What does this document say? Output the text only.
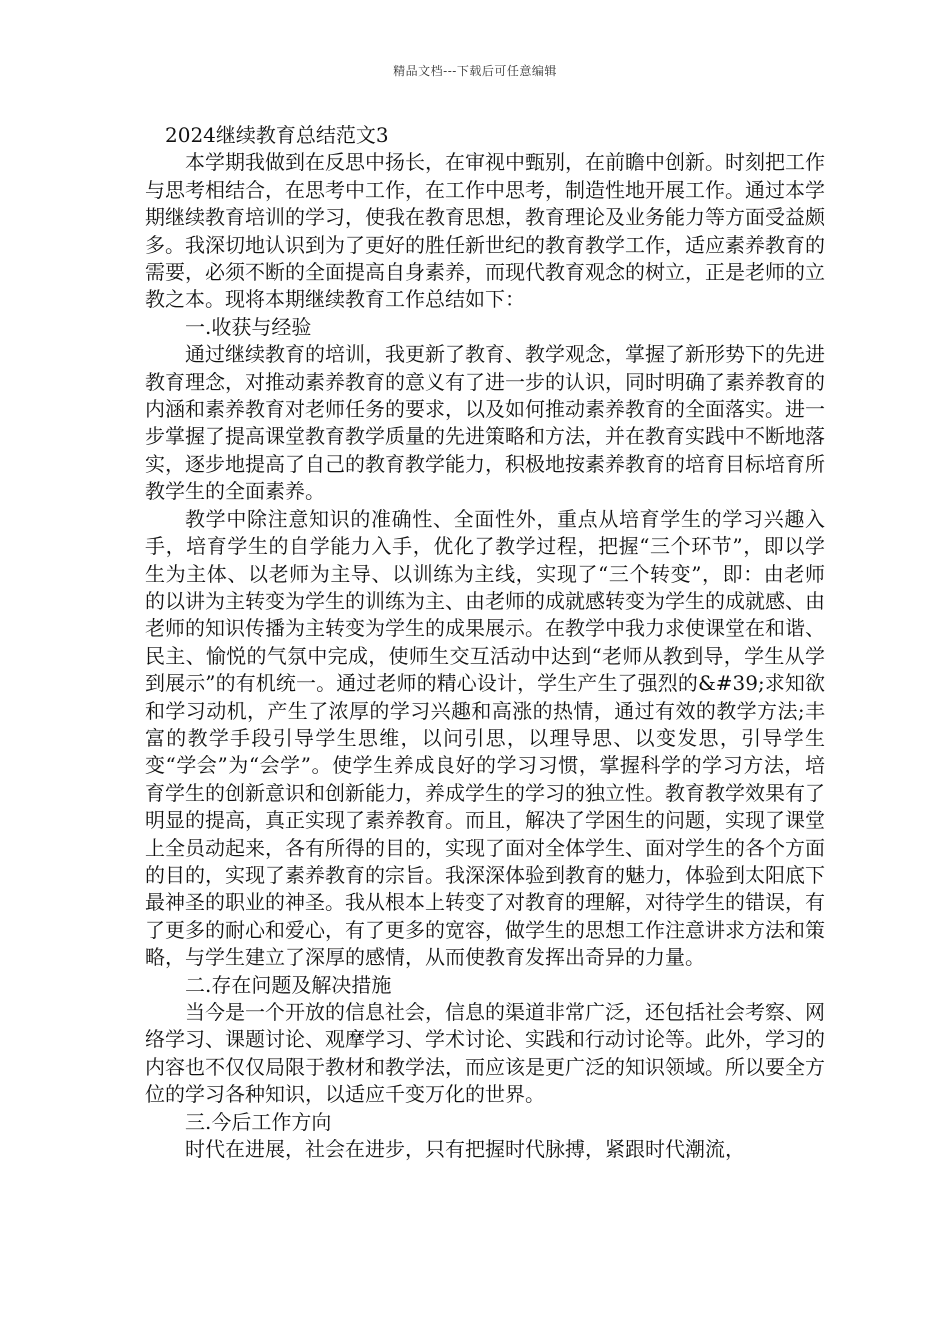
精品文档---下载后可任意编辑

2024继续教育总结范文3

本学期我做到在反思中扬长，在审视中甄别，在前瞻中创新。时刻把工作与思考相结合，在思考中工作，在工作中思考，制造性地开展工作。通过本学期继续教育培训的学习，使我在教育思想，教育理论及业务能力等方面受益颇多。我深切地认识到为了更好的胜任新世纪的教育教学工作，适应素养教育的需要，必须不断的全面提高自身素养，而现代教育观念的树立，正是老师的立教之本。现将本期继续教育工作总结如下：

一.收获与经验

通过继续教育的培训，我更新了教育、教学观念，掌握了新形势下的先进教育理念，对推动素养教育的意义有了进一步的认识，同时明确了素养教育的内涵和素养教育对老师任务的要求，以及如何推动素养教育的全面落实。进一步掌握了提高课堂教育教学质量的先进策略和方法，并在教育实践中不断地落实，逐步地提高了自己的教育教学能力，积极地按素养教育的培育目标培育所教学生的全面素养。

教学中除注意知识的准确性、全面性外，重点从培育学生的学习兴趣入手，培育学生的自学能力入手，优化了教学过程，把握“三个环节”，即以学生为主体、以老师为主导、以训练为主线，实现了“三个转变”，即：由老师的以讲为主转变为学生的训练为主、由老师的成就感转变为学生的成就感、由老师的知识传播为主转变为学生的成果展示。在教学中我力求使课堂在和谐、民主、愉悦的气氛中完成，使师生交互活动中达到“老师从教到导，学生从学到展示”的有机统一。通过老师的精心设计，学生产生了强烈的&#39;求知欲和学习动机，产生了浓厚的学习兴趣和高涨的热情，通过有效的教学方法;丰富的教学手段引导学生思维，以问引思，以理导思、以变发思，引导学生变“学会”为“会学”。使学生养成良好的学习习惯，掌握科学的学习方法，培育学生的创新意识和创新能力，养成学生的学习的独立性。教育教学效果有了明显的提高，真正实现了素养教育。而且，解决了学困生的问题，实现了课堂上全员动起来，各有所得的目的，实现了面对全体学生、面对学生的各个方面的目的，实现了素养教育的宗旨。我深深体验到教育的魅力，体验到太阳底下最神圣的职业的神圣。我从根本上转变了对教育的理解，对待学生的错误，有了更多的耐心和爱心，有了更多的宽容，做学生的思想工作注意讲求方法和策略，与学生建立了深厚的感情，从而使教育发挥出奇异的力量。

二.存在问题及解决措施

当今是一个开放的信息社会，信息的渠道非常广泛，还包括社会考察、网络学习、课题讨论、观摩学习、学术讨论、实践和行动讨论等。此外，学习的内容也不仅仅局限于教材和教学法，而应该是更广泛的知识领域。所以要全方位的学习各种知识，以适应千变万化的世界。

三.今后工作方向

时代在进展，社会在进步，只有把握时代脉搏，紧跟时代潮流，
